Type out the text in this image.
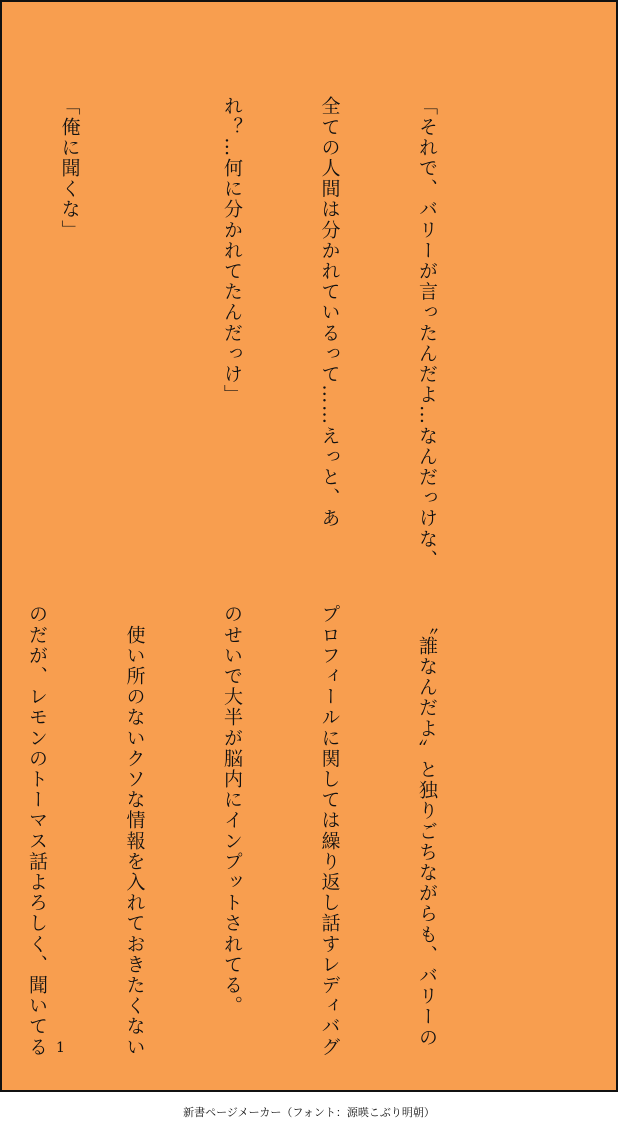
「それで、バリーが言ったんだよ…なんだっけな、

全ての人間は分かれているって……えっと、あ

れ？…何に分かれてたんだっけ」

「俺に聞くな」

　〝誰なんだよ〞と独りごちながらも、バリーの

プロフィールに関しては繰り返し話すレディバグ

のせいで大半が脳内にインプットされてる。

　使い所のないクソな情報を入れておきたくない

のだが、レモンのトーマス話よろしく、聞いてる

1
新書ページメーカー（フォント：源暎こぶり明朝）
